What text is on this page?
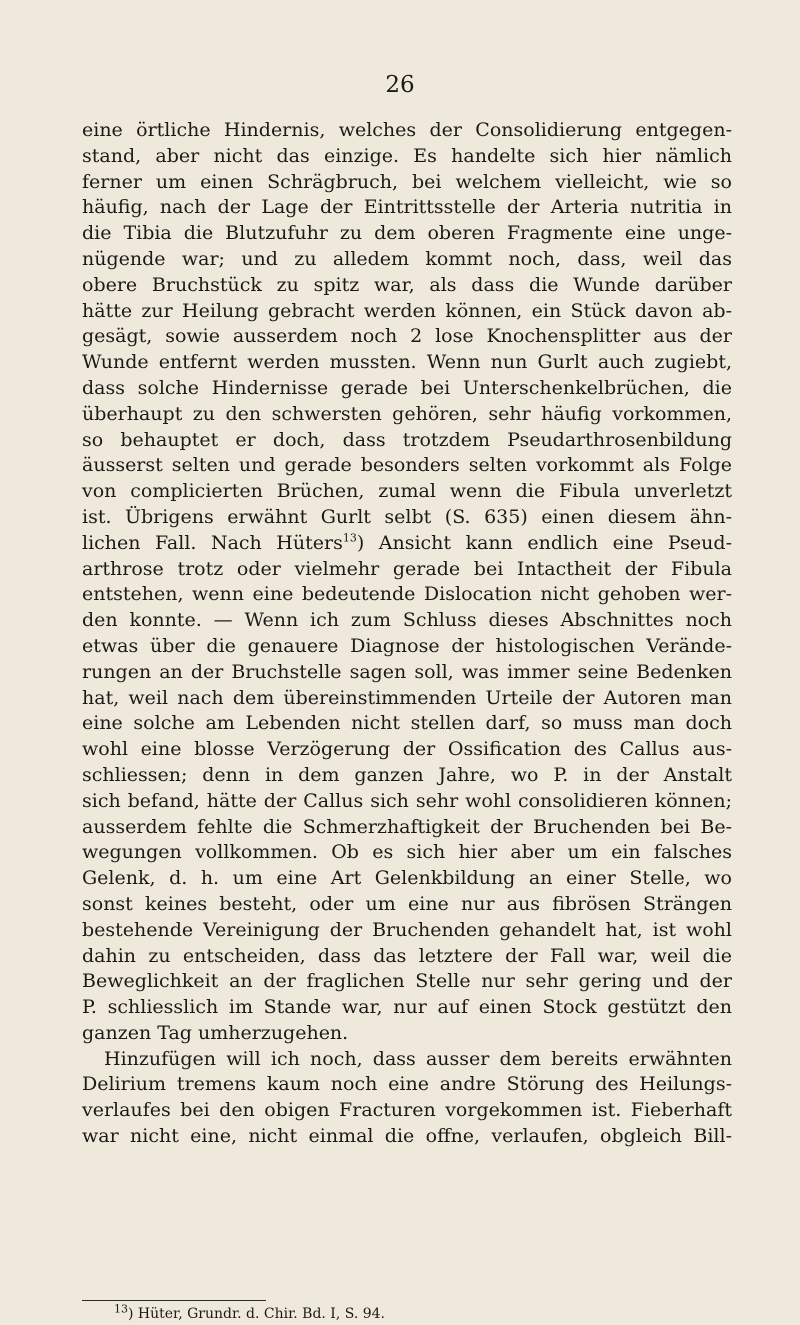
26
eine örtliche Hindernis, welches der Consolidierung entgegen-
stand, aber nicht das einzige. Es handelte sich hier nämlich
ferner um einen Schrägbruch, bei welchem vielleicht, wie so
häufig, nach der Lage der Eintrittsstelle der Arteria nutritia in
die Tibia die Blutzufuhr zu dem oberen Fragmente eine unge-
nügende war; und zu alledem kommt noch, dass, weil das
obere Bruchstück zu spitz war, als dass die Wunde darüber
hätte zur Heilung gebracht werden können, ein Stück davon ab-
gesägt, sowie ausserdem noch 2 lose Knochensplitter aus der
Wunde entfernt werden mussten. Wenn nun Gurlt auch zugiebt,
dass solche Hindernisse gerade bei Unterschenkelbrüchen, die
überhaupt zu den schwersten gehören, sehr häufig vorkommen,
so behauptet er doch, dass trotzdem Pseudarthrosenbildung
äusserst selten und gerade besonders selten vorkommt als Folge
von complicierten Brüchen, zumal wenn die Fibula unverletzt
ist. Übrigens erwähnt Gurlt selbt (S. 635) einen diesem ähn-
lichen Fall. Nach Hüters$^{13}$) Ansicht kann endlich eine Pseud-
arthrose trotz oder vielmehr gerade bei Intactheit der Fibula
entstehen, wenn eine bedeutende Dislocation nicht gehoben wer-
den konnte. — Wenn ich zum Schluss dieses Abschnittes noch
etwas über die genauere Diagnose der histologischen Verände-
rungen an der Bruchstelle sagen soll, was immer seine Bedenken
hat, weil nach dem übereinstimmenden Urteile der Autoren man
eine solche am Lebenden nicht stellen darf, so muss man doch
wohl eine blosse Verzögerung der Ossification des Callus aus-
schliessen; denn in dem ganzen Jahre, wo P. in der Anstalt
sich befand, hätte der Callus sich sehr wohl consolidieren können;
ausserdem fehlte die Schmerzhaftigkeit der Bruchenden bei Be-
wegungen vollkommen. Ob es sich hier aber um ein falsches
Gelenk, d. h. um eine Art Gelenkbildung an einer Stelle, wo
sonst keines besteht, oder um eine nur aus fibrösen Strängen
bestehende Vereinigung der Bruchenden gehandelt hat, ist wohl
dahin zu entscheiden, dass das letztere der Fall war, weil die
Beweglichkeit an der fraglichen Stelle nur sehr gering und der
P. schliesslich im Stande war, nur auf einen Stock gestützt den
ganzen Tag umherzugehen.
Hinzufügen will ich noch, dass ausser dem bereits erwähnten
Delirium tremens kaum noch eine andre Störung des Heilungs-
verlaufes bei den obigen Fracturen vorgekommen ist. Fieberhaft
war nicht eine, nicht einmal die offne, verlaufen, obgleich Bill-
$^{13}$) Hüter, Grundr. d. Chir. Bd. I, S. 94.
